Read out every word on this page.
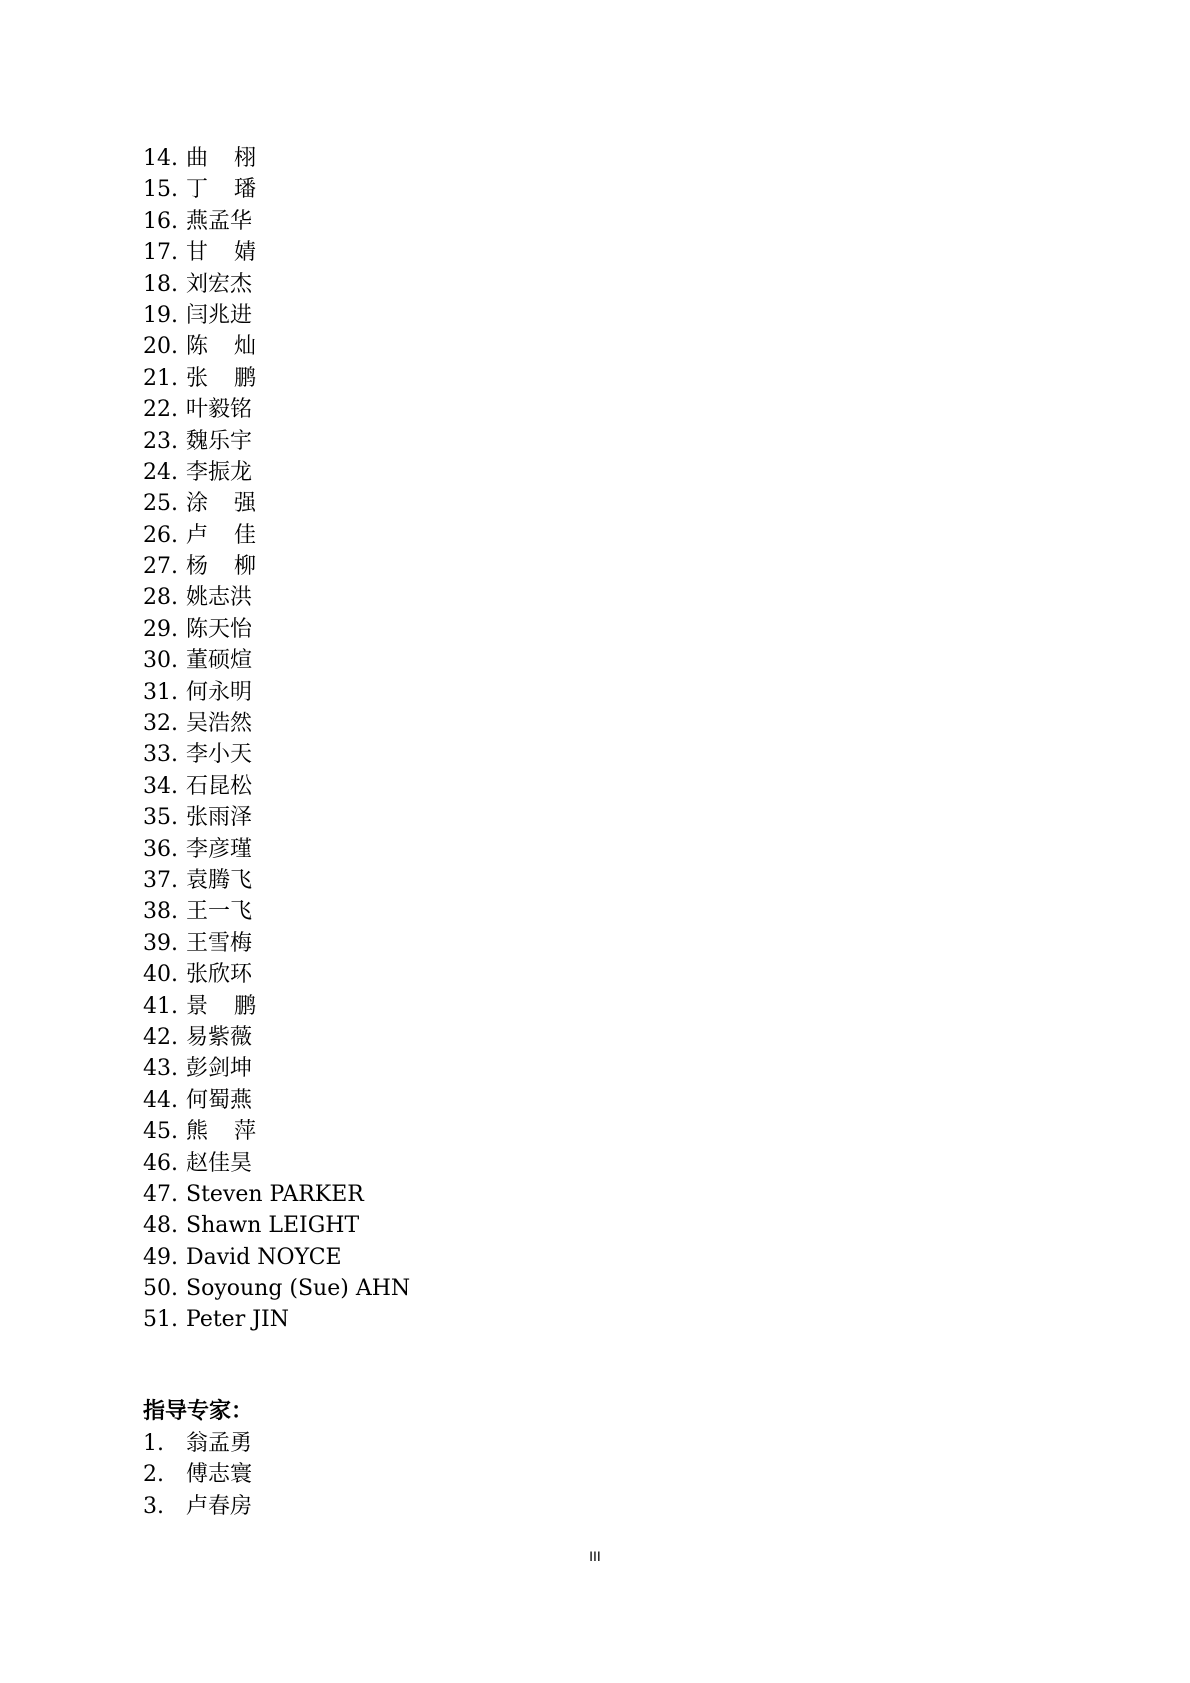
14. 曲栩
15. 丁璠
16. 燕孟华
17. 甘婧
18. 刘宏杰
19. 闫兆进
20. 陈灿
21. 张鹏
22. 叶毅铭
23. 魏乐宇
24. 李振龙
25. 涂强
26. 卢佳
27. 杨柳
28. 姚志洪
29. 陈天怡
30. 董硕煊
31. 何永明
32. 吴浩然
33. 李小天
34. 石昆松
35. 张雨泽
36. 李彦瑾
37. 袁腾飞
38. 王一飞
39. 王雪梅
40. 张欣环
41. 景鹏
42. 易紫薇
43. 彭剑坤
44. 何蜀燕
45. 熊萍
46. 赵佳昊
47. Steven PARKER
48. Shawn LEIGHT
49. David NOYCE
50. Soyoung (Sue) AHN
51. Peter JIN
指导专家：
1. 翁孟勇
2. 傅志寰
3. 卢春房
III
